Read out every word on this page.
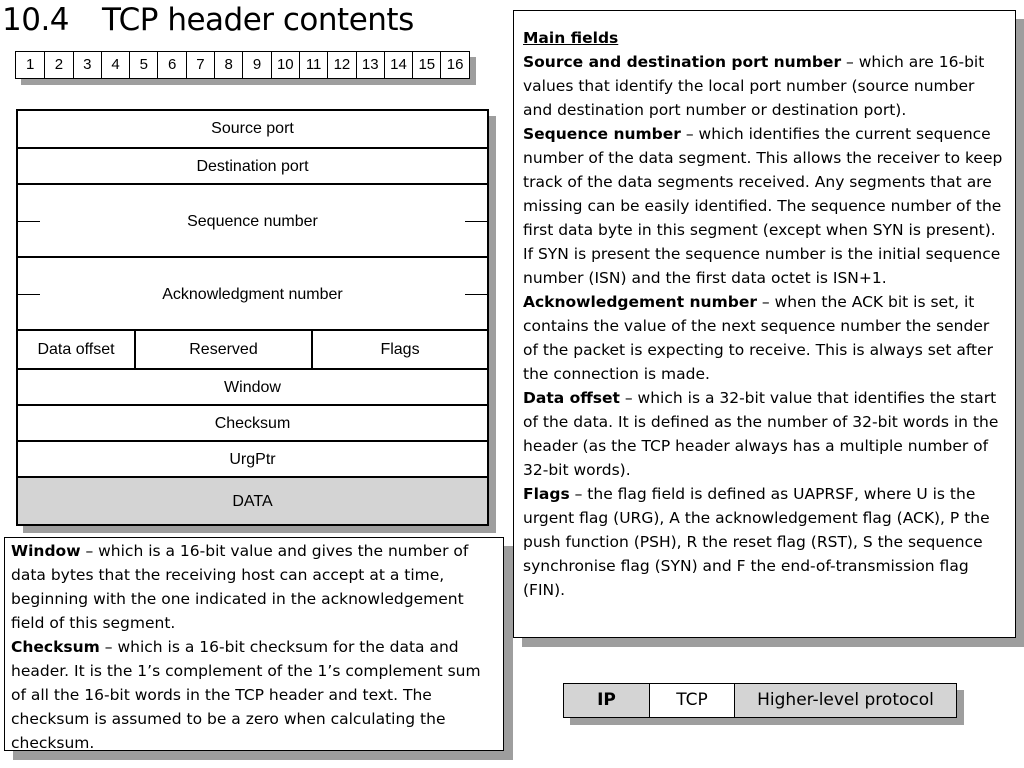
10.4 TCP header contents
1	2	3	4	5	6	7	8	9	10 11 12 13 14 15 16
Source port
Destination port
Sequence number
Acknowledgment number
Data offset	Reserved	Flags
Window
Checksum
UrgPtr
DATA
Main fields
Source and destination port number – which are 16-bit values that identify the local port number (source number and destination port number or destination port).
Sequence number – which identifies the current sequence number of the data segment. This allows the receiver to keep track of the data segments received. Any segments that are missing can be easily identified. The sequence number of the first data byte in this segment (except when SYN is present). If SYN is present the sequence number is the initial sequence number (ISN) and the first data octet is ISN+1.
Acknowledgement number – when the ACK bit is set, it contains the value of the next sequence number the sender of the packet is expecting to receive. This is always set after the connection is made.
Data offset – which is a 32-bit value that identifies the start of the data. It is defined as the number of 32-bit words in the header (as the TCP header always has a multiple number of 32-bit words).
Flags – the flag field is defined as UAPRSF, where U is the urgent flag (URG), A the acknowledgement flag (ACK), P the push function (PSH), R the reset flag (RST), S the sequence synchronise flag (SYN) and F the end-of-transmission flag (FIN).
Window – which is a 16-bit value and gives the number of data bytes that the receiving host can accept at a time, beginning with the one indicated in the acknowledgement field of this segment.
Checksum – which is a 16-bit checksum for the data and header. It is the 1’s complement of the 1’s complement sum of all the 16-bit words in the TCP header and text. The checksum is assumed to be a zero when calculating the checksum.
IP	TCP	Higher-level protocol
